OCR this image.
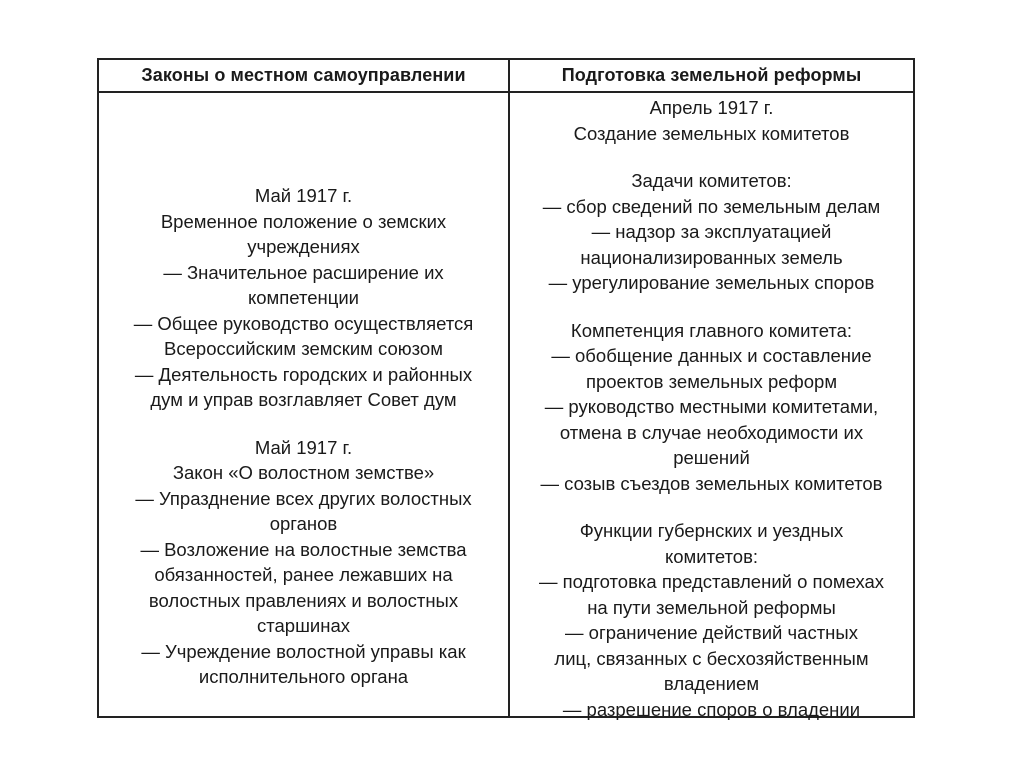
Законы о местном самоуправлении	Подготовка земельной реформы
Май 1917 г.
Временное положение о земских
учреждениях
— Значительное расширение их
компетенции
— Общее руководство осуществляется
Всероссийским земским союзом
— Деятельность городских и районных
дум и управ возглавляет Совет дум
Май 1917 г.
Закон «О волостном земстве»
— Упразднение всех других волостных
органов
— Возложение на волостные земства
обязанностей, ранее лежавших на
волостных правлениях и волостных
старшинах
— Учреждение волостной управы как
исполнительного органа
Апрель 1917 г.
Создание земельных комитетов
Задачи комитетов:
— сбор сведений по земельным делам
— надзор за эксплуатацией
национализированных земель
— урегулирование земельных споров
Компетенция главного комитета:
— обобщение данных и составление
проектов земельных реформ
— руководство местными комитетами,
отмена в случае необходимости их
решений
— созыв съездов земельных комитетов
Функции губернских и уездных
комитетов:
— подготовка представлений о помехах
на пути земельной реформы
— ограничение действий частных
лиц, связанных с бесхозяйственным
владением
— разрешение споров о владении
